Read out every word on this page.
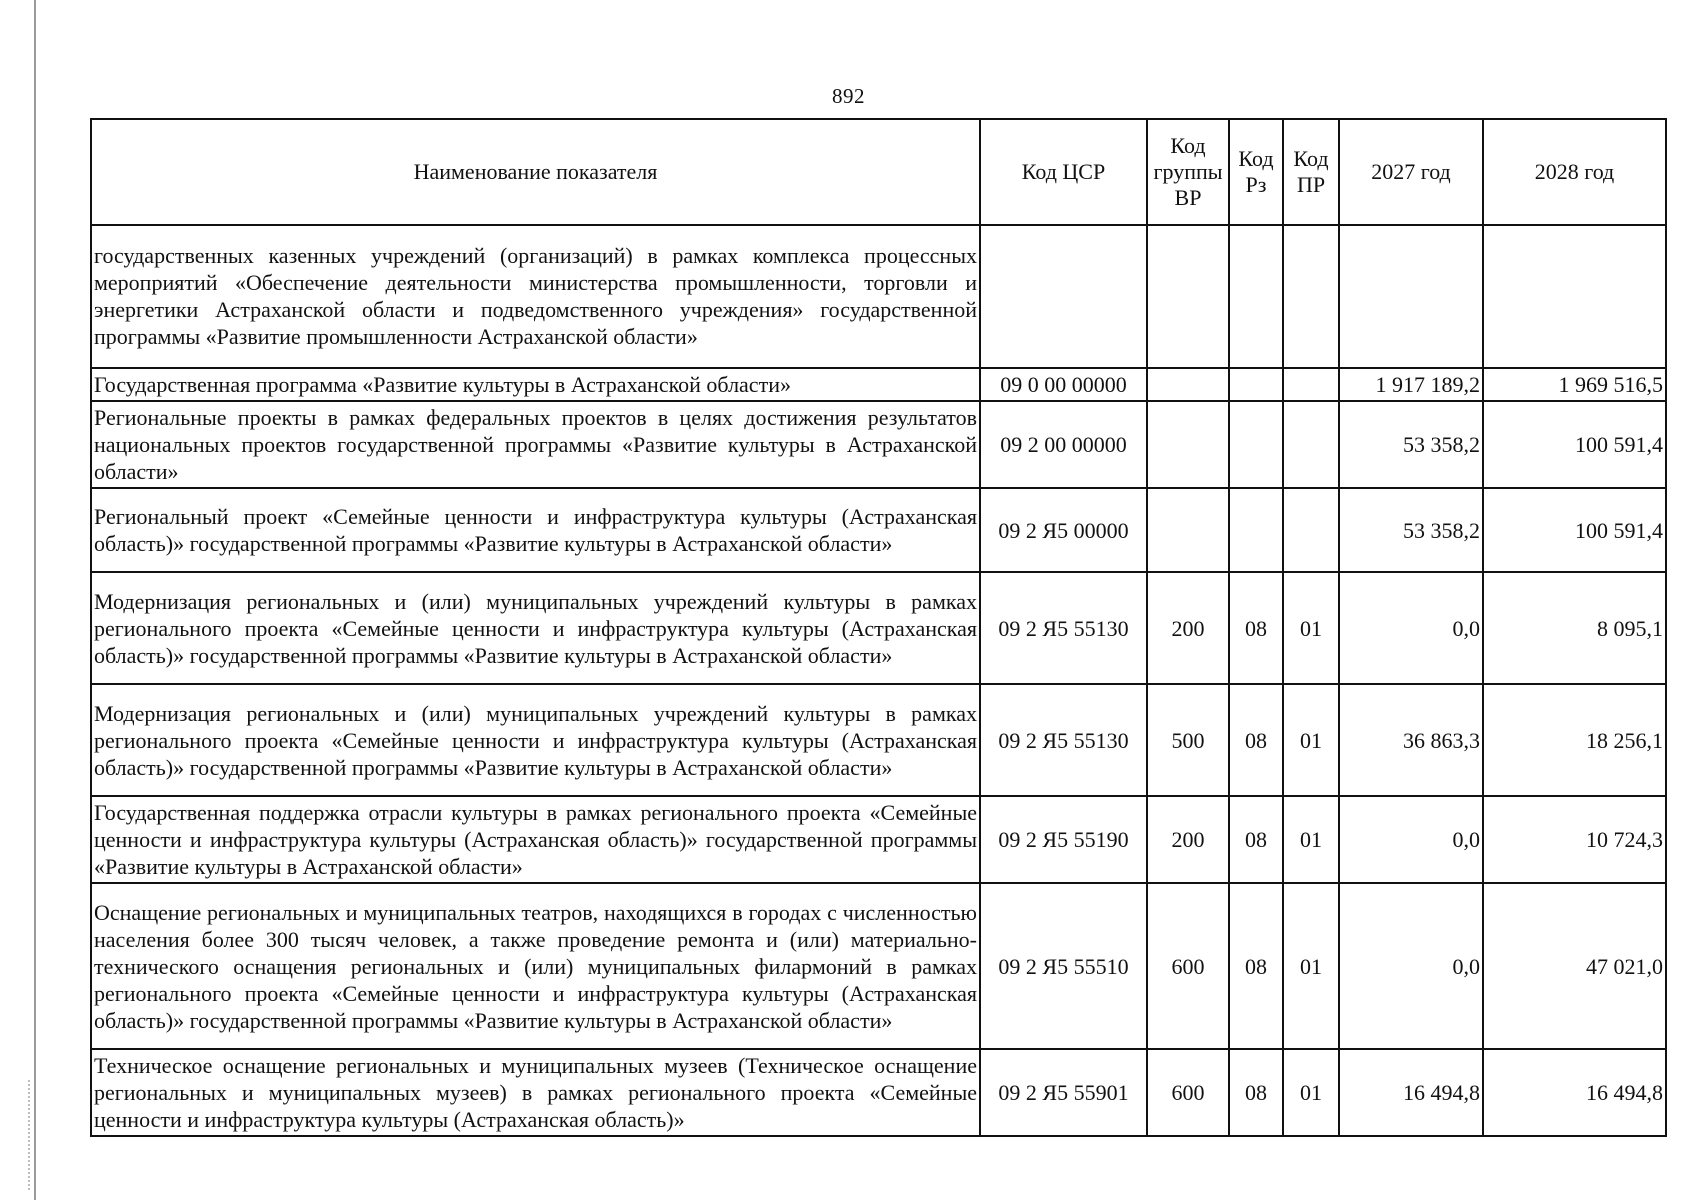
892
Наименование показателя	Код ЦСР	Код группы ВР	Код Рз	Код ПР	2027 год	2028 год
государственных казенных учреждений (организаций) в рамках комплекса процессных мероприятий «Обеспечение деятельности министерства промышленности, торговли и энергетики Астраханской области и подведомственного учреждения» государственной программы «Развитие промышленности Астраханской области»						
Государственная программа «Развитие культуры в Астраханской области»	09 0 00 00000				1 917 189,2	1 969 516,5
Региональные проекты в рамках федеральных проектов в целях достижения результатов национальных проектов государственной программы «Развитие культуры в Астраханской области»	09 2 00 00000				53 358,2	100 591,4
Региональный проект «Семейные ценности и инфраструктура культуры (Астраханская область)» государственной программы «Развитие культуры в Астраханской области»	09 2 Я5 00000				53 358,2	100 591,4
Модернизация региональных и (или) муниципальных учреждений культуры в рамках регионального проекта «Семейные ценности и инфраструктура культуры (Астраханская область)» государственной программы «Развитие культуры в Астраханской области»	09 2 Я5 55130	200	08	01	0,0	8 095,1
Модернизация региональных и (или) муниципальных учреждений культуры в рамках регионального проекта «Семейные ценности и инфраструктура культуры (Астраханская область)» государственной программы «Развитие культуры в Астраханской области»	09 2 Я5 55130	500	08	01	36 863,3	18 256,1
Государственная поддержка отрасли культуры в рамках регионального проекта «Семейные ценности и инфраструктура культуры (Астраханская область)» государственной программы «Развитие культуры в Астраханской области»	09 2 Я5 55190	200	08	01	0,0	10 724,3
Оснащение региональных и муниципальных театров, находящихся в городах с численностью населения более 300 тысяч человек, а также проведение ремонта и (или) материально-технического оснащения региональных и (или) муниципальных филармоний в рамках регионального проекта «Семейные ценности и инфраструктура культуры (Астраханская область)» государственной программы «Развитие культуры в Астраханской области»	09 2 Я5 55510	600	08	01	0,0	47 021,0
Техническое оснащение региональных и муниципальных музеев (Техническое оснащение региональных и муниципальных музеев) в рамках регионального проекта «Семейные ценности и инфраструктура культуры (Астраханская область)»	09 2 Я5 55901	600	08	01	16 494,8	16 494,8
